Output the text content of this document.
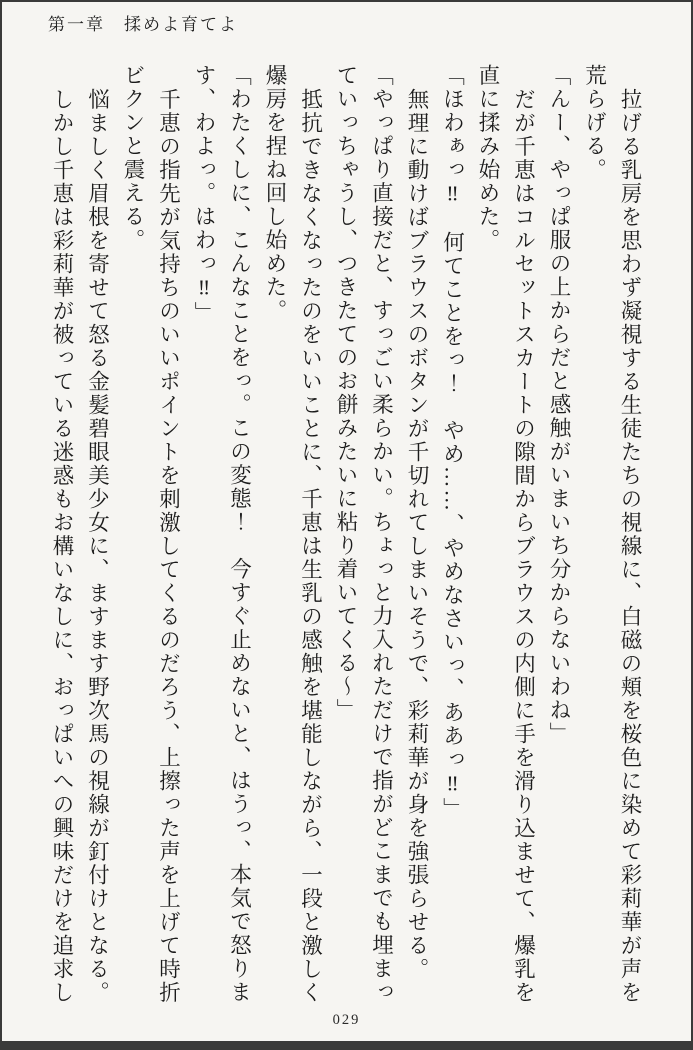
第一章　揉めよ育てよ
拉げる乳房を思わず凝視する生徒たちの視線に、白磁の頬を桜色に染めて彩莉華が声を
荒らげる。
「んー、やっぱ服の上からだと感触がいまいち分からないわね」
だが千恵はコルセットスカートの隙間からブラウスの内側に手を滑り込ませて、爆乳を
直に揉み始めた。
「ほわぁっ‼　何てことをっ！　やめ……、やめなさいっ、ああっ‼」
無理に動けばブラウスのボタンが千切れてしまいそうで、彩莉華が身を強張らせる。
「やっぱり直接だと、すっごい柔らかい。ちょっと力入れただけで指がどこまでも埋まっ
ていっちゃうし、つきたてのお餅みたいに粘り着いてくる〜」
抵抗できなくなったのをいいことに、千恵は生乳の感触を堪能しながら、一段と激しく
爆房を捏ね回し始めた。
「わたくしに、こんなことをっ。この変態！　今すぐ止めないと、はうっ、本気で怒りま
す、わよっ。はわっ‼」
千恵の指先が気持ちのいいポイントを刺激してくるのだろう、上擦った声を上げて時折
ビクンと震える。
悩ましく眉根を寄せて怒る金髪碧眼美少女に、ますます野次馬の視線が釘付けとなる。
しかし千恵は彩莉華が被っている迷惑もお構いなしに、おっぱいへの興味だけを追求し
029
